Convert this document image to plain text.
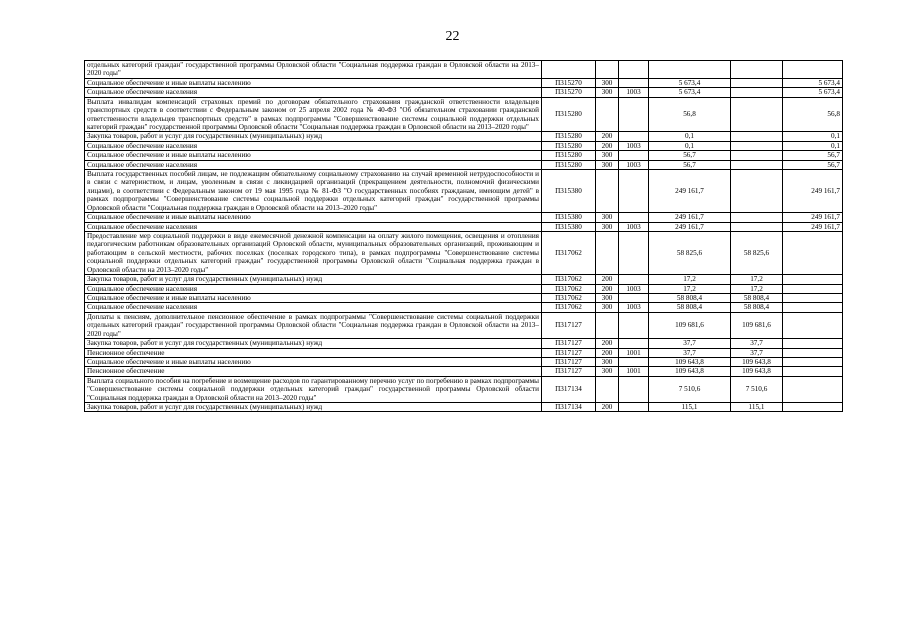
22
отдельных категорий граждан" государственной программы Орловской области "Социальная поддержка граждан в Орловской области на 2013–2020 годы"						
Социальное обеспечение и иные выплаты населению	П315270	300		5 673,4		5 673,4
Социальное обеспечение населения	П315270	300	1003	5 673,4		5 673,4
Выплата инвалидам компенсаций страховых премий по договорам обязательного страхования гражданской ответственности владельцев транспортных средств в соответствии с Федеральным законом от 25 апреля 2002 года № 40-ФЗ "Об обязательном страховании гражданской ответственности владельцев транспортных средств" в рамках подпрограммы "Совершенствование системы социальной поддержки отдельных категорий граждан" государственной программы Орловской области "Социальная поддержка граждан в Орловской области на 2013–2020 годы"	П315280			56,8		56,8
Закупка товаров, работ и услуг для государственных (муниципальных) нужд	П315280	200		0,1		0,1
Социальное обеспечение населения	П315280	200	1003	0,1		0,1
Социальное обеспечение и иные выплаты населению	П315280	300		56,7		56,7
Социальное обеспечение населения	П315280	300	1003	56,7		56,7
Выплата государственных пособий лицам, не подлежащим обязательному социальному страхованию на случай временной нетрудоспособности и в связи с материнством, и лицам, уволенным в связи с ликвидацией организаций (прекращением деятельности, полномочий физическими лицами), в соответствии с Федеральным законом от 19 мая 1995 года № 81-ФЗ "О государственных пособиях гражданам, имеющим детей" в рамках подпрограммы "Совершенствование системы социальной поддержки отдельных категорий граждан" государственной программы Орловской области "Социальная поддержка граждан в Орловской области на 2013–2020 годы"	П315380			249 161,7		249 161,7
Социальное обеспечение и иные выплаты населению	П315380	300		249 161,7		249 161,7
Социальное обеспечение населения	П315380	300	1003	249 161,7		249 161,7
Предоставление мер социальной поддержки в виде ежемесячной денежной компенсации на оплату жилого помещения, освещения и отопления педагогическим работникам образовательных организаций Орловской области, муниципальных образовательных организаций, проживающим и работающим в сельской местности, рабочих поселках (поселках городского типа), в рамках подпрограммы "Совершенствование системы социальной поддержки отдельных категорий граждан" государственной программы Орловской области "Социальная поддержка граждан в Орловской области на 2013–2020 годы"	П317062			58 825,6	58 825,6	
Закупка товаров, работ и услуг для государственных (муниципальных) нужд	П317062	200		17,2	17,2	
Социальное обеспечение населения	П317062	200	1003	17,2	17,2	
Социальное обеспечение и иные выплаты населению	П317062	300		58 808,4	58 808,4	
Социальное обеспечение населения	П317062	300	1003	58 808,4	58 808,4	
Доплаты к пенсиям, дополнительное пенсионное обеспечение в рамках подпрограммы "Совершенствование системы социальной поддержки отдельных категорий граждан" государственной программы Орловской области "Социальная поддержка граждан в Орловской области на 2013–2020 годы"	П317127			109 681,6	109 681,6	
Закупка товаров, работ и услуг для государственных (муниципальных) нужд	П317127	200		37,7	37,7	
Пенсионное обеспечение	П317127	200	1001	37,7	37,7	
Социальное обеспечение и иные выплаты населению	П317127	300		109 643,8	109 643,8	
Пенсионное обеспечение	П317127	300	1001	109 643,8	109 643,8	
Выплата социального пособия на погребение и возмещение расходов по гарантированному перечню услуг по погребению в рамках подпрограммы "Совершенствование системы социальной поддержки отдельных категорий граждан" государственной программы Орловской области "Социальная поддержка граждан в Орловской области на 2013–2020 годы"	П317134			7 510,6	7 510,6	
Закупка товаров, работ и услуг для государственных (муниципальных) нужд	П317134	200		115,1	115,1	
